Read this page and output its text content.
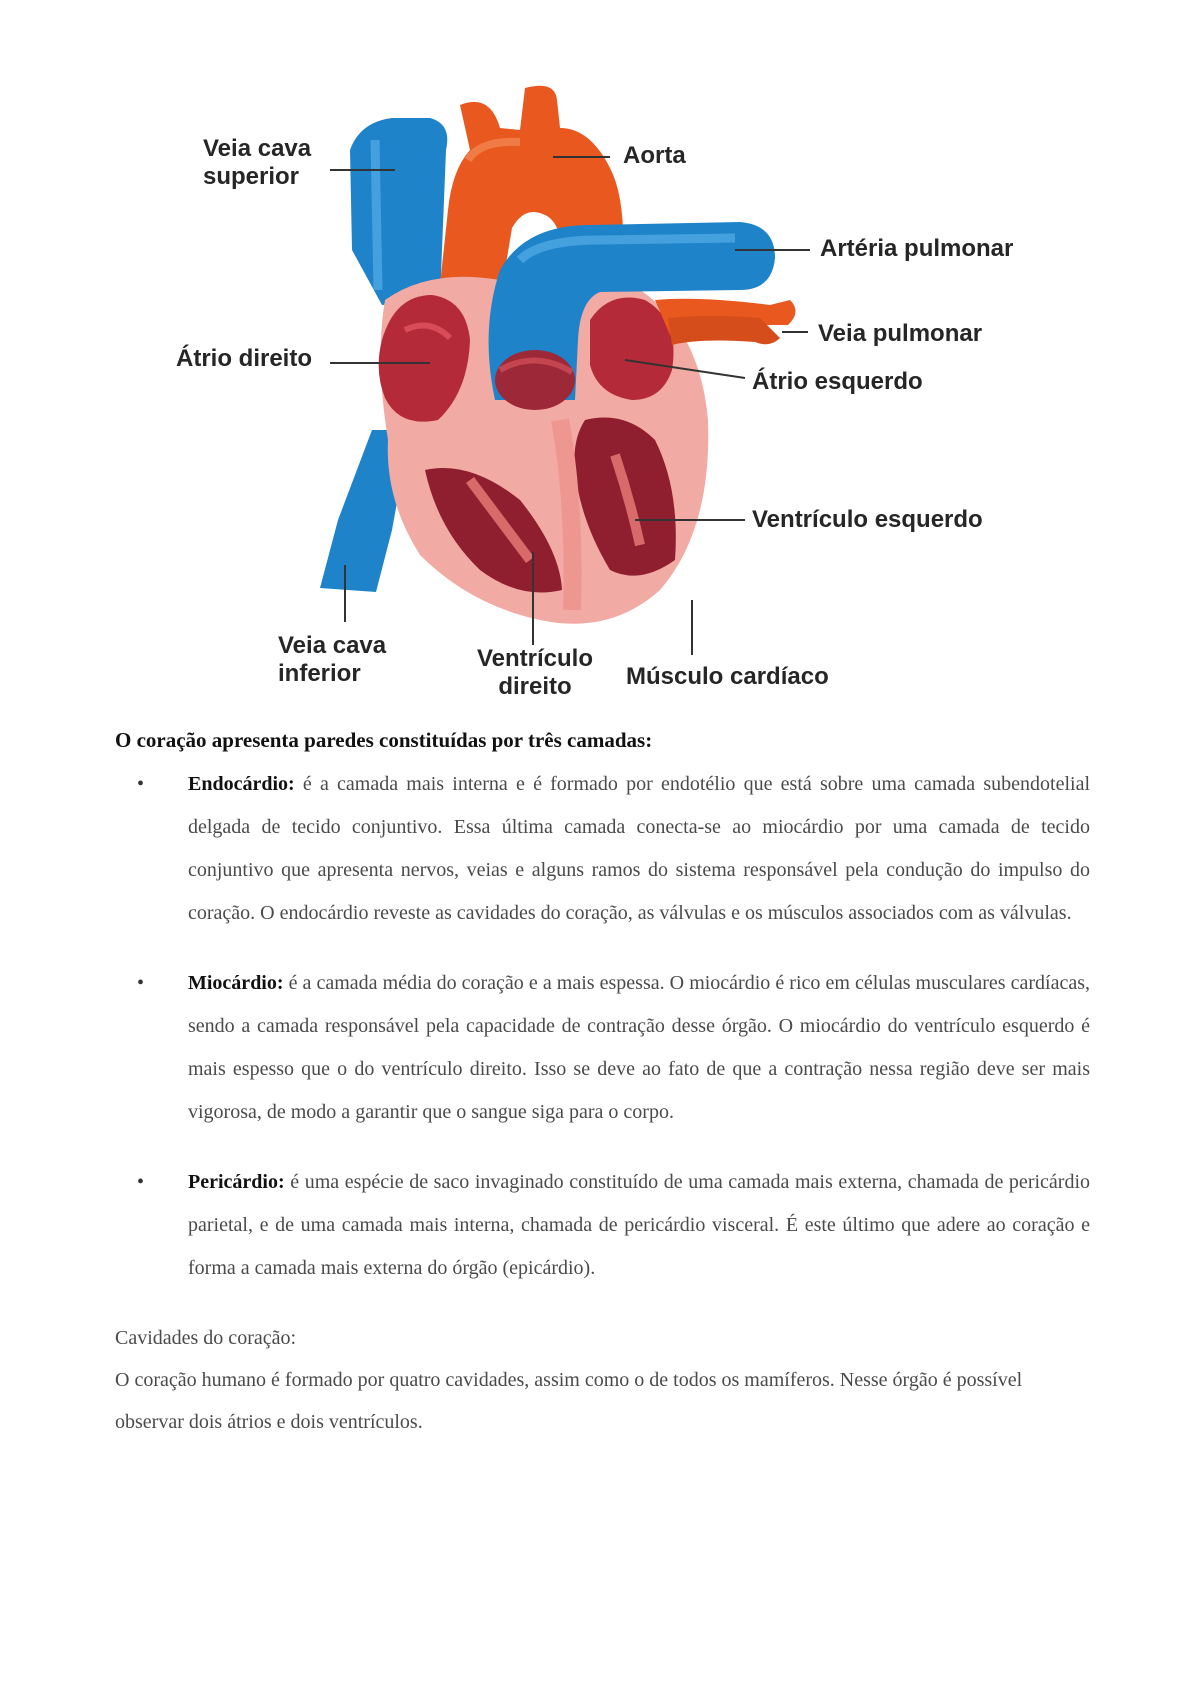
Veia cava
superior

Aorta

Artéria pulmonar

Veia pulmonar

Átrio direito

Átrio esquerdo

Ventrículo esquerdo

Veia cava
inferior

Ventrículo
direito	Músculo cardíaco

O coração apresenta paredes constituídas por três camadas:

• Endocárdio: é a camada mais interna e é formado por endotélio que está sobre uma camada subendotelial delgada de tecido conjuntivo. Essa última camada conecta-se ao miocárdio por uma camada de tecido conjuntivo que apresenta nervos, veias e alguns ramos do sistema responsável pela condução do impulso do coração. O endocárdio reveste as cavidades do coração, as válvulas e os músculos associados com as válvulas.
• Miocárdio: é a camada média do coração e a mais espessa. O miocárdio é rico em células musculares cardíacas, sendo a camada responsável pela capacidade de contração desse órgão. O miocárdio do ventrículo esquerdo é mais espesso que o do ventrículo direito. Isso se deve ao fato de que a contração nessa região deve ser mais vigorosa, de modo a garantir que o sangue siga para o corpo.
• Pericárdio: é uma espécie de saco invaginado constituído de uma camada mais externa, chamada de pericárdio parietal, e de uma camada mais interna, chamada de pericárdio visceral. É este último que adere ao coração e forma a camada mais externa do órgão (epicárdio).

Cavidades do coração:

O coração humano é formado por quatro cavidades, assim como o de todos os mamíferos. Nesse órgão é possível observar dois átrios e dois ventrículos.
